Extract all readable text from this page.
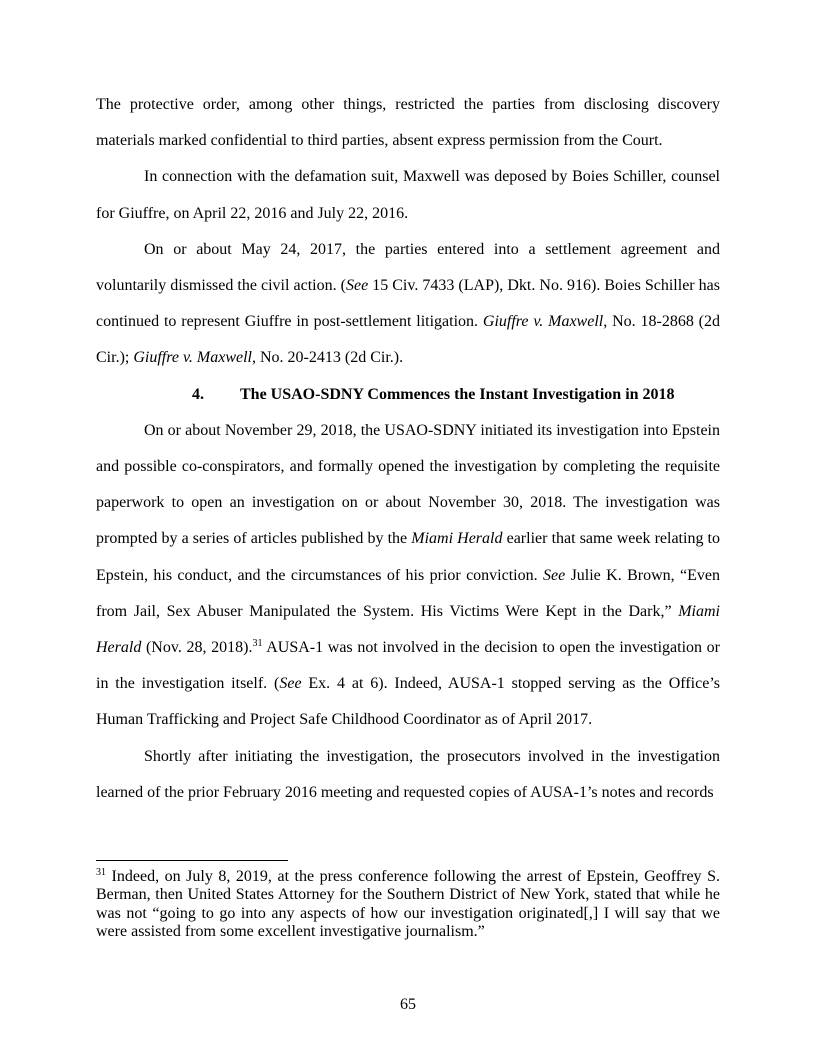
The protective order, among other things, restricted the parties from disclosing discovery materials marked confidential to third parties, absent express permission from the Court.

In connection with the defamation suit, Maxwell was deposed by Boies Schiller, counsel for Giuffre, on April 22, 2016 and July 22, 2016.

On or about May 24, 2017, the parties entered into a settlement agreement and voluntarily dismissed the civil action. (See 15 Civ. 7433 (LAP), Dkt. No. 916). Boies Schiller has continued to represent Giuffre in post-settlement litigation. Giuffre v. Maxwell, No. 18-2868 (2d Cir.); Giuffre v. Maxwell, No. 20-2413 (2d Cir.).

4. The USAO-SDNY Commences the Instant Investigation in 2018

On or about November 29, 2018, the USAO-SDNY initiated its investigation into Epstein and possible co-conspirators, and formally opened the investigation by completing the requisite paperwork to open an investigation on or about November 30, 2018. The investigation was prompted by a series of articles published by the Miami Herald earlier that same week relating to Epstein, his conduct, and the circumstances of his prior conviction. See Julie K. Brown, “Even from Jail, Sex Abuser Manipulated the System. His Victims Were Kept in the Dark,” Miami Herald (Nov. 28, 2018).$^{31}$ AUSA-1 was not involved in the decision to open the investigation or in the investigation itself. (See Ex. 4 at 6). Indeed, AUSA-1 stopped serving as the Office’s Human Trafficking and Project Safe Childhood Coordinator as of April 2017.

Shortly after initiating the investigation, the prosecutors involved in the investigation learned of the prior February 2016 meeting and requested copies of AUSA-1’s notes and records

$^{31}$ Indeed, on July 8, 2019, at the press conference following the arrest of Epstein, Geoffrey S. Berman, then United States Attorney for the Southern District of New York, stated that while he was not “going to go into any aspects of how our investigation originated[,] I will say that we were assisted from some excellent investigative journalism.”

65
